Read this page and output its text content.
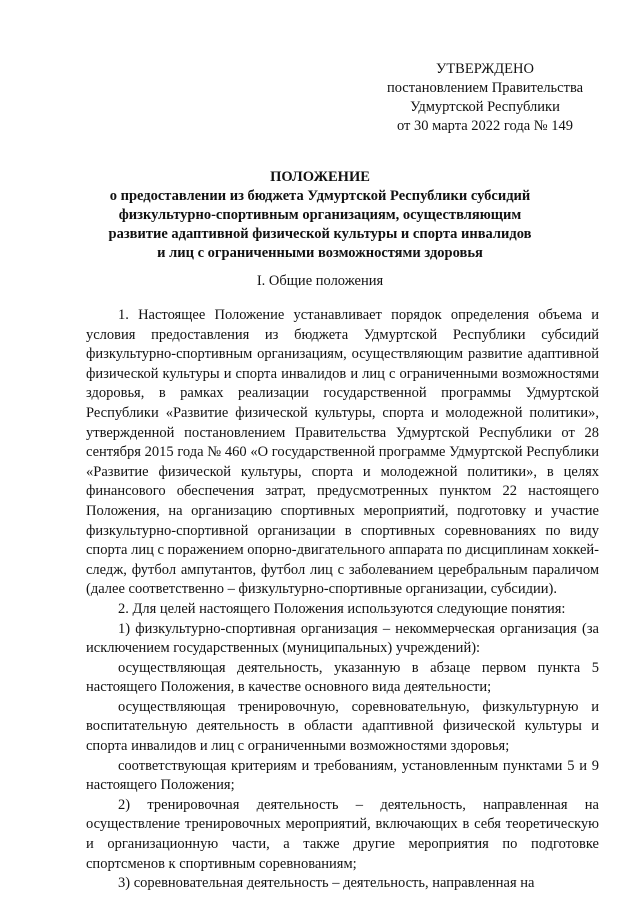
УТВЕРЖДЕНО
постановлением Правительства
Удмуртской Республики
от 30 марта 2022 года № 149
ПОЛОЖЕНИЕ
о предоставлении из бюджета Удмуртской Республики субсидий
физкультурно-спортивным организациям, осуществляющим
развитие адаптивной физической культуры и спорта инвалидов
и лиц с ограниченными возможностями здоровья
I. Общие положения

1. Настоящее Положение устанавливает порядок определения объема и условия предоставления из бюджета Удмуртской Республики субсидий физкультурно-спортивным организациям, осуществляющим развитие адаптивной физической культуры и спорта инвалидов и лиц с ограниченными возможностями здоровья, в рамках реализации государственной программы Удмуртской Республики «Развитие физической культуры, спорта и молодежной политики», утвержденной постановлением Правительства Удмуртской Республики от 28 сентября 2015 года № 460 «О государственной программе Удмуртской Республики «Развитие физической культуры, спорта и молодежной политики», в целях финансового обеспечения затрат, предусмотренных пунктом 22 настоящего Положения, на организацию спортивных мероприятий, подготовку и участие физкультурно-спортивной организации в спортивных соревнованиях по виду спорта лиц с поражением опорно-двигательного аппарата по дисциплинам хоккей-следж, футбол ампутантов, футбол лиц с заболеванием церебральным параличом (далее соответственно – физкультурно-спортивные организации, субсидии).

2. Для целей настоящего Положения используются следующие понятия:

1) физкультурно-спортивная организация – некоммерческая организация (за исключением государственных (муниципальных) учреждений):

осуществляющая деятельность, указанную в абзаце первом пункта 5 настоящего Положения, в качестве основного вида деятельности;

осуществляющая тренировочную, соревновательную, физкультурную и воспитательную деятельность в области адаптивной физической культуры и спорта инвалидов и лиц с ограниченными возможностями здоровья;

соответствующая критериям и требованиям, установленным пунктами 5 и 9 настоящего Положения;

2) тренировочная деятельность – деятельность, направленная на осуществление тренировочных мероприятий, включающих в себя теоретическую и организационную части, а также другие мероприятия по подготовке спортсменов к спортивным соревнованиям;

3) соревновательная деятельность – деятельность, направленная на
